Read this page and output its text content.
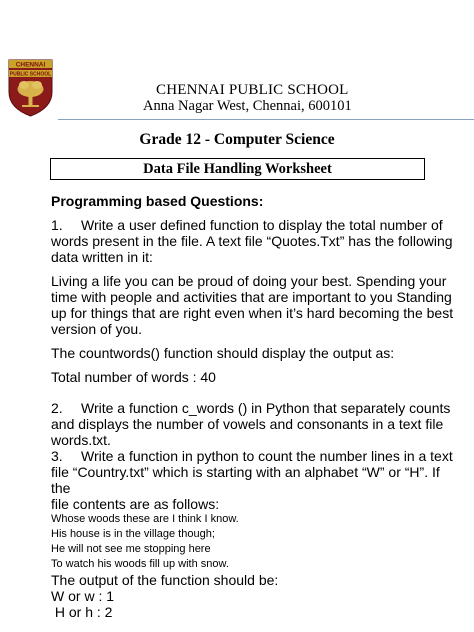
CHENNAI
PUBLIC SCHOOL
CHENNAI PUBLIC SCHOOL
Anna Nagar West, Chennai, 600101
Grade 12 - Computer Science
Data File Handling Worksheet

Programming based Questions:

1. Write a user defined function to display the total number of

words present in the file. A text file “Quotes.Txt” has the following

data written in it:

Living a life you can be proud of doing your best. Spending your

time with people and activities that are important to you Standing

up for things that are right even when it’s hard becoming the best

version of you.

The countwords() function should display the output as:

Total number of words : 40

2. Write a function c_words () in Python that separately counts

and displays the number of vowels and consonants in a text file

words.txt.

3. Write a function in python to count the number lines in a text

file “Country.txt” which is starting with an alphabet “W” or “H”. If the

file contents are as follows:

Whose woods these are I think I know.

His house is in the village though;

He will not see me stopping here

To watch his woods fill up with snow.

The output of the function should be:

W or w : 1

H or h : 2
